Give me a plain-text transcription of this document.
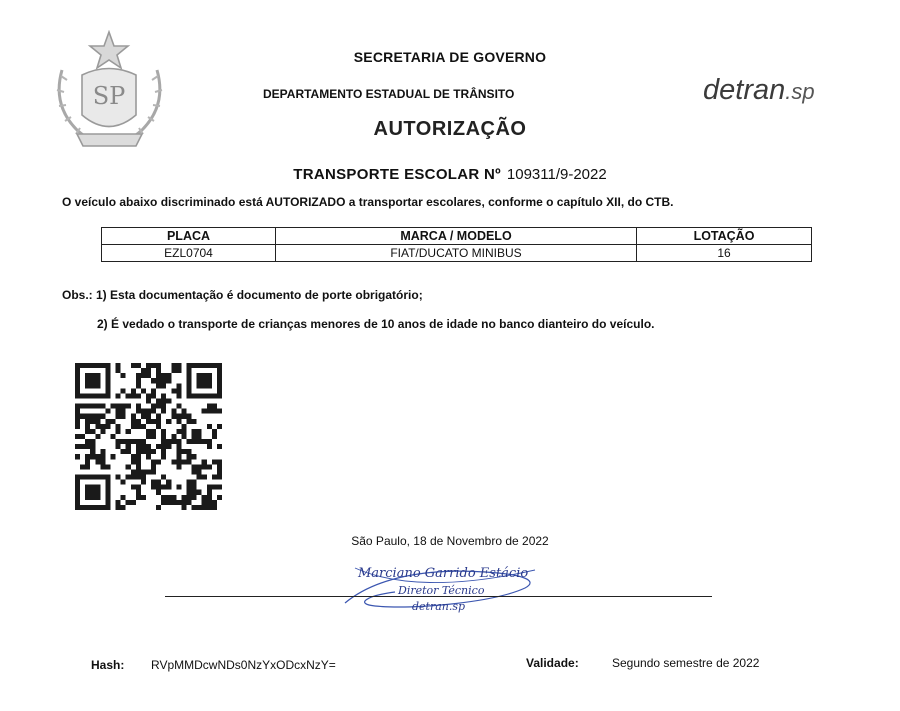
SP
SECRETARIA DE GOVERNO
DEPARTAMENTO ESTADUAL DE TRÂNSITO	detran.sp
AUTORIZAÇÃO
TRANSPORTE ESCOLAR Nº 109311/9-2022
O veículo abaixo discriminado está AUTORIZADO a transportar escolares, conforme o capítulo XII, do CTB.
PLACA	MARCA / MODELO	LOTAÇÃO
EZL0704	FIAT/DUCATO MINIBUS	16
Obs.: 1) Esta documentação é documento de porte obrigatório;
2) É vedado o transporte de crianças menores de 10 anos de idade no banco dianteiro do veículo.
São Paulo, 18 de Novembro de 2022
Marciano Garrido Estácio
Diretor Técnico
detran.sp
Hash: RVpMMDcwNDs0NzYxODcxNzY=	Validade:	Segundo semestre de 2022
